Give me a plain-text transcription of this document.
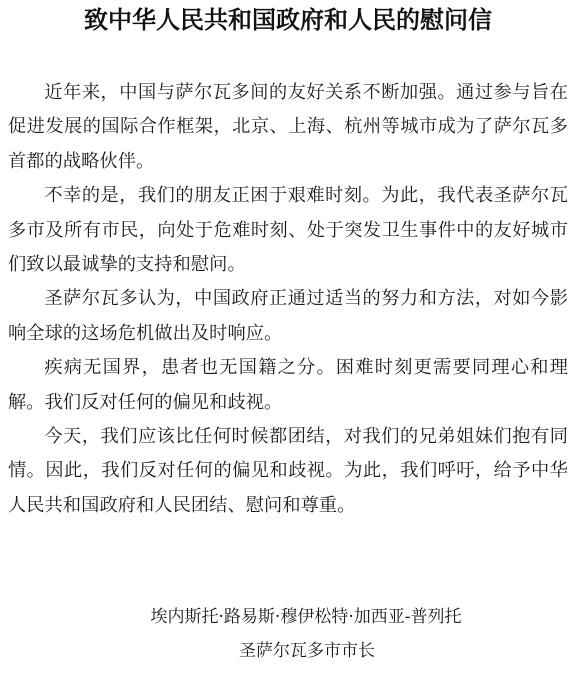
致中华人民共和国政府和人民的慰问信

近年来，中国与萨尔瓦多间的友好关系不断加强。通过参与旨在促进发展的国际合作框架，北京、上海、杭州等城市成为了萨尔瓦多首都的战略伙伴。

不幸的是，我们的朋友正困于艰难时刻。为此，我代表圣萨尔瓦多市及所有市民，向处于危难时刻、处于突发卫生事件中的友好城市们致以最诚挚的支持和慰问。

圣萨尔瓦多认为，中国政府正通过适当的努力和方法，对如今影响全球的这场危机做出及时响应。

疾病无国界，患者也无国籍之分。困难时刻更需要同理心和理解。我们反对任何的偏见和歧视。

今天，我们应该比任何时候都团结，对我们的兄弟姐妹们抱有同情。因此，我们反对任何的偏见和歧视。为此，我们呼吁，给予中华人民共和国政府和人民团结、慰问和尊重。

埃内斯托·路易斯·穆伊松特·加西亚-普列托
圣萨尔瓦多市市长
